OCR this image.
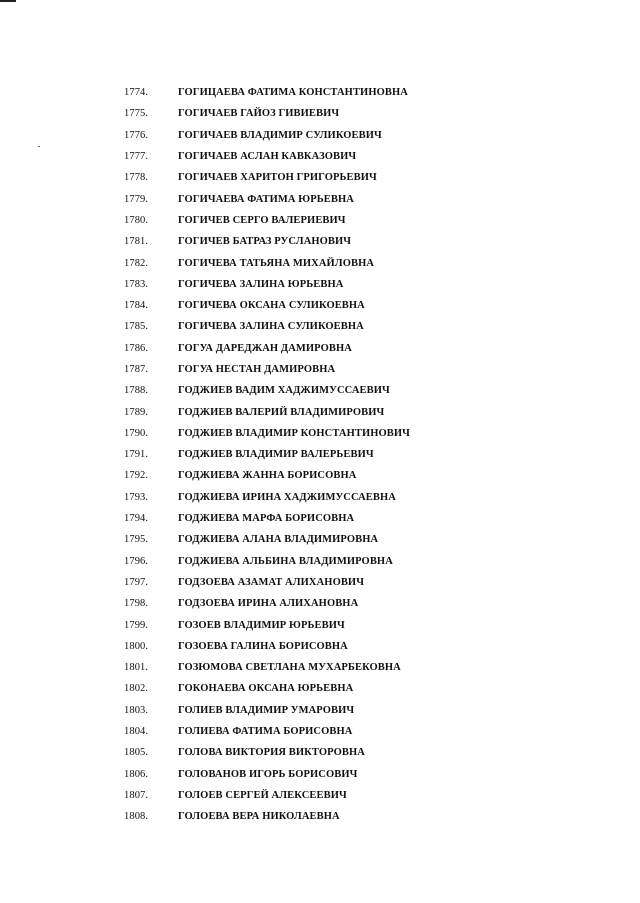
1774.	ГОГИЦАЕВА ФАТИМА КОНСТАНТИНОВНА
1775.	ГОГИЧАЕВ ГАЙОЗ ГИВИЕВИЧ
1776.	ГОГИЧАЕВ ВЛАДИМИР СУЛИКОЕВИЧ
1777.	ГОГИЧАЕВ АСЛАН КАВКАЗОВИЧ
1778.	ГОГИЧАЕВ ХАРИТОН ГРИГОРЬЕВИЧ
1779.	ГОГИЧАЕВА ФАТИМА ЮРЬЕВНА
1780.	ГОГИЧЕВ СЕРГО ВАЛЕРИЕВИЧ
1781.	ГОГИЧЕВ БАТРАЗ РУСЛАНОВИЧ
1782.	ГОГИЧЕВА ТАТЬЯНА МИХАЙЛОВНА
1783.	ГОГИЧЕВА ЗАЛИНА ЮРЬЕВНА
1784.	ГОГИЧЕВА ОКСАНА СУЛИКОЕВНА
1785.	ГОГИЧЕВА ЗАЛИНА СУЛИКОЕВНА
1786.	ГОГУА ДАРЕДЖАН ДАМИРОВНА
1787.	ГОГУА НЕСТАН ДАМИРОВНА
1788.	ГОДЖИЕВ ВАДИМ ХАДЖИМУССАЕВИЧ
1789.	ГОДЖИЕВ ВАЛЕРИЙ ВЛАДИМИРОВИЧ
1790.	ГОДЖИЕВ ВЛАДИМИР КОНСТАНТИНОВИЧ
1791.	ГОДЖИЕВ ВЛАДИМИР ВАЛЕРЬЕВИЧ
1792.	ГОДЖИЕВА ЖАННА БОРИСОВНА
1793.	ГОДЖИЕВА ИРИНА ХАДЖИМУССАЕВНА
1794.	ГОДЖИЕВА МАРФА БОРИСОВНА
1795.	ГОДЖИЕВА АЛАНА ВЛАДИМИРОВНА
1796.	ГОДЖИЕВА АЛЬБИНА ВЛАДИМИРОВНА
1797.	ГОДЗОЕВА АЗАМАТ АЛИХАНОВИЧ
1798.	ГОДЗОЕВА ИРИНА АЛИХАНОВНА
1799.	ГОЗОЕВ ВЛАДИМИР ЮРЬЕВИЧ
1800.	ГОЗОЕВА ГАЛИНА БОРИСОВНА
1801.	ГОЗЮМОВА СВЕТЛАНА МУХАРБЕКОВНА
1802.	ГОКОНАЕВА ОКСАНА ЮРЬЕВНА
1803.	ГОЛИЕВ ВЛАДИМИР УМАРОВИЧ
1804.	ГОЛИЕВА ФАТИМА БОРИСОВНА
1805.	ГОЛОВА ВИКТОРИЯ ВИКТОРОВНА
1806.	ГОЛОВАНОВ ИГОРЬ БОРИСОВИЧ
1807.	ГОЛОЕВ СЕРГЕЙ АЛЕКСЕЕВИЧ
1808.	ГОЛОЕВА ВЕРА НИКОЛАЕВНА
